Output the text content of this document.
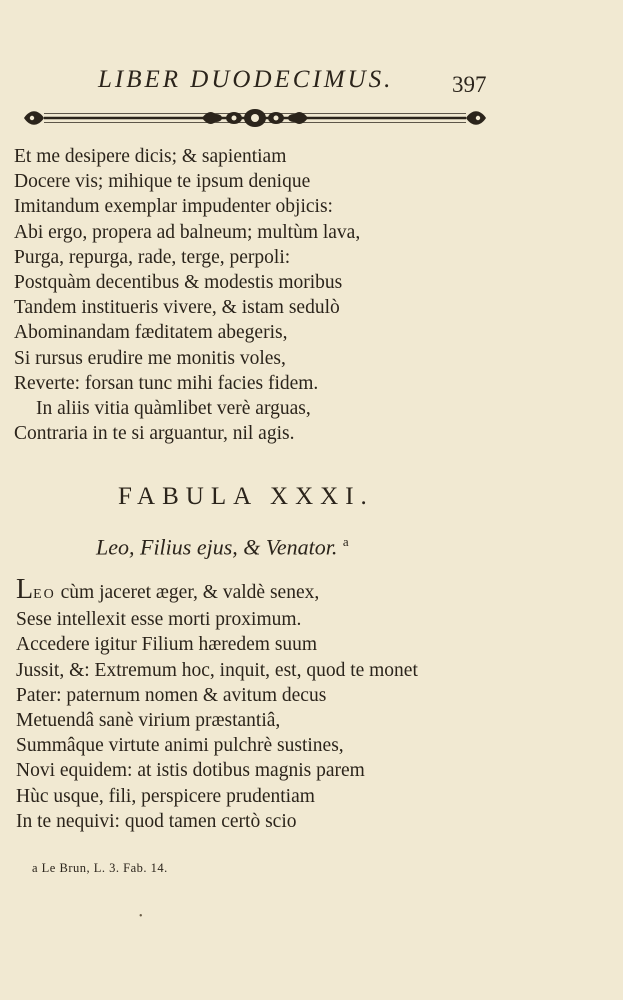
LIBER DUODECIMUS.	397
Et me desipere dicis; & sapientiam
Docere vis; mihique te ipsum denique
Imitandum exemplar impudenter objicis:
Abi ergo, propera ad balneum; multùm lava,
Purga, repurga, rade, terge, perpoli:
Postquàm decentibus & modestis moribus
Tandem institueris vivere, & istam sedulò
Abominandam fæditatem abegeris,
Si rursus erudire me monitis voles,
Reverte: forsan tunc mihi facies fidem.
In aliis vitia quàmlibet verè arguas,
Contraria in te si arguantur, nil agis.
FABULA XXXI.
Leo, Filius ejus, & Venator. $^a$
LEO cùm jaceret æger, & valdè senex,
Sese intellexit esse morti proximum.
Accedere igitur Filium hæredem suum
Jussit, &: Extremum hoc, inquit, est, quod te monet
Pater: paternum nomen & avitum decus
Metuendâ sanè virium præstantiâ,
Summâque virtute animi pulchrè sustines,
Novi equidem: at istis dotibus magnis parem
Hùc usque, fili, perspicere prudentiam
In te nequivi: quod tamen certò scio
a Le Brun, L. 3. Fab. 14.
•
